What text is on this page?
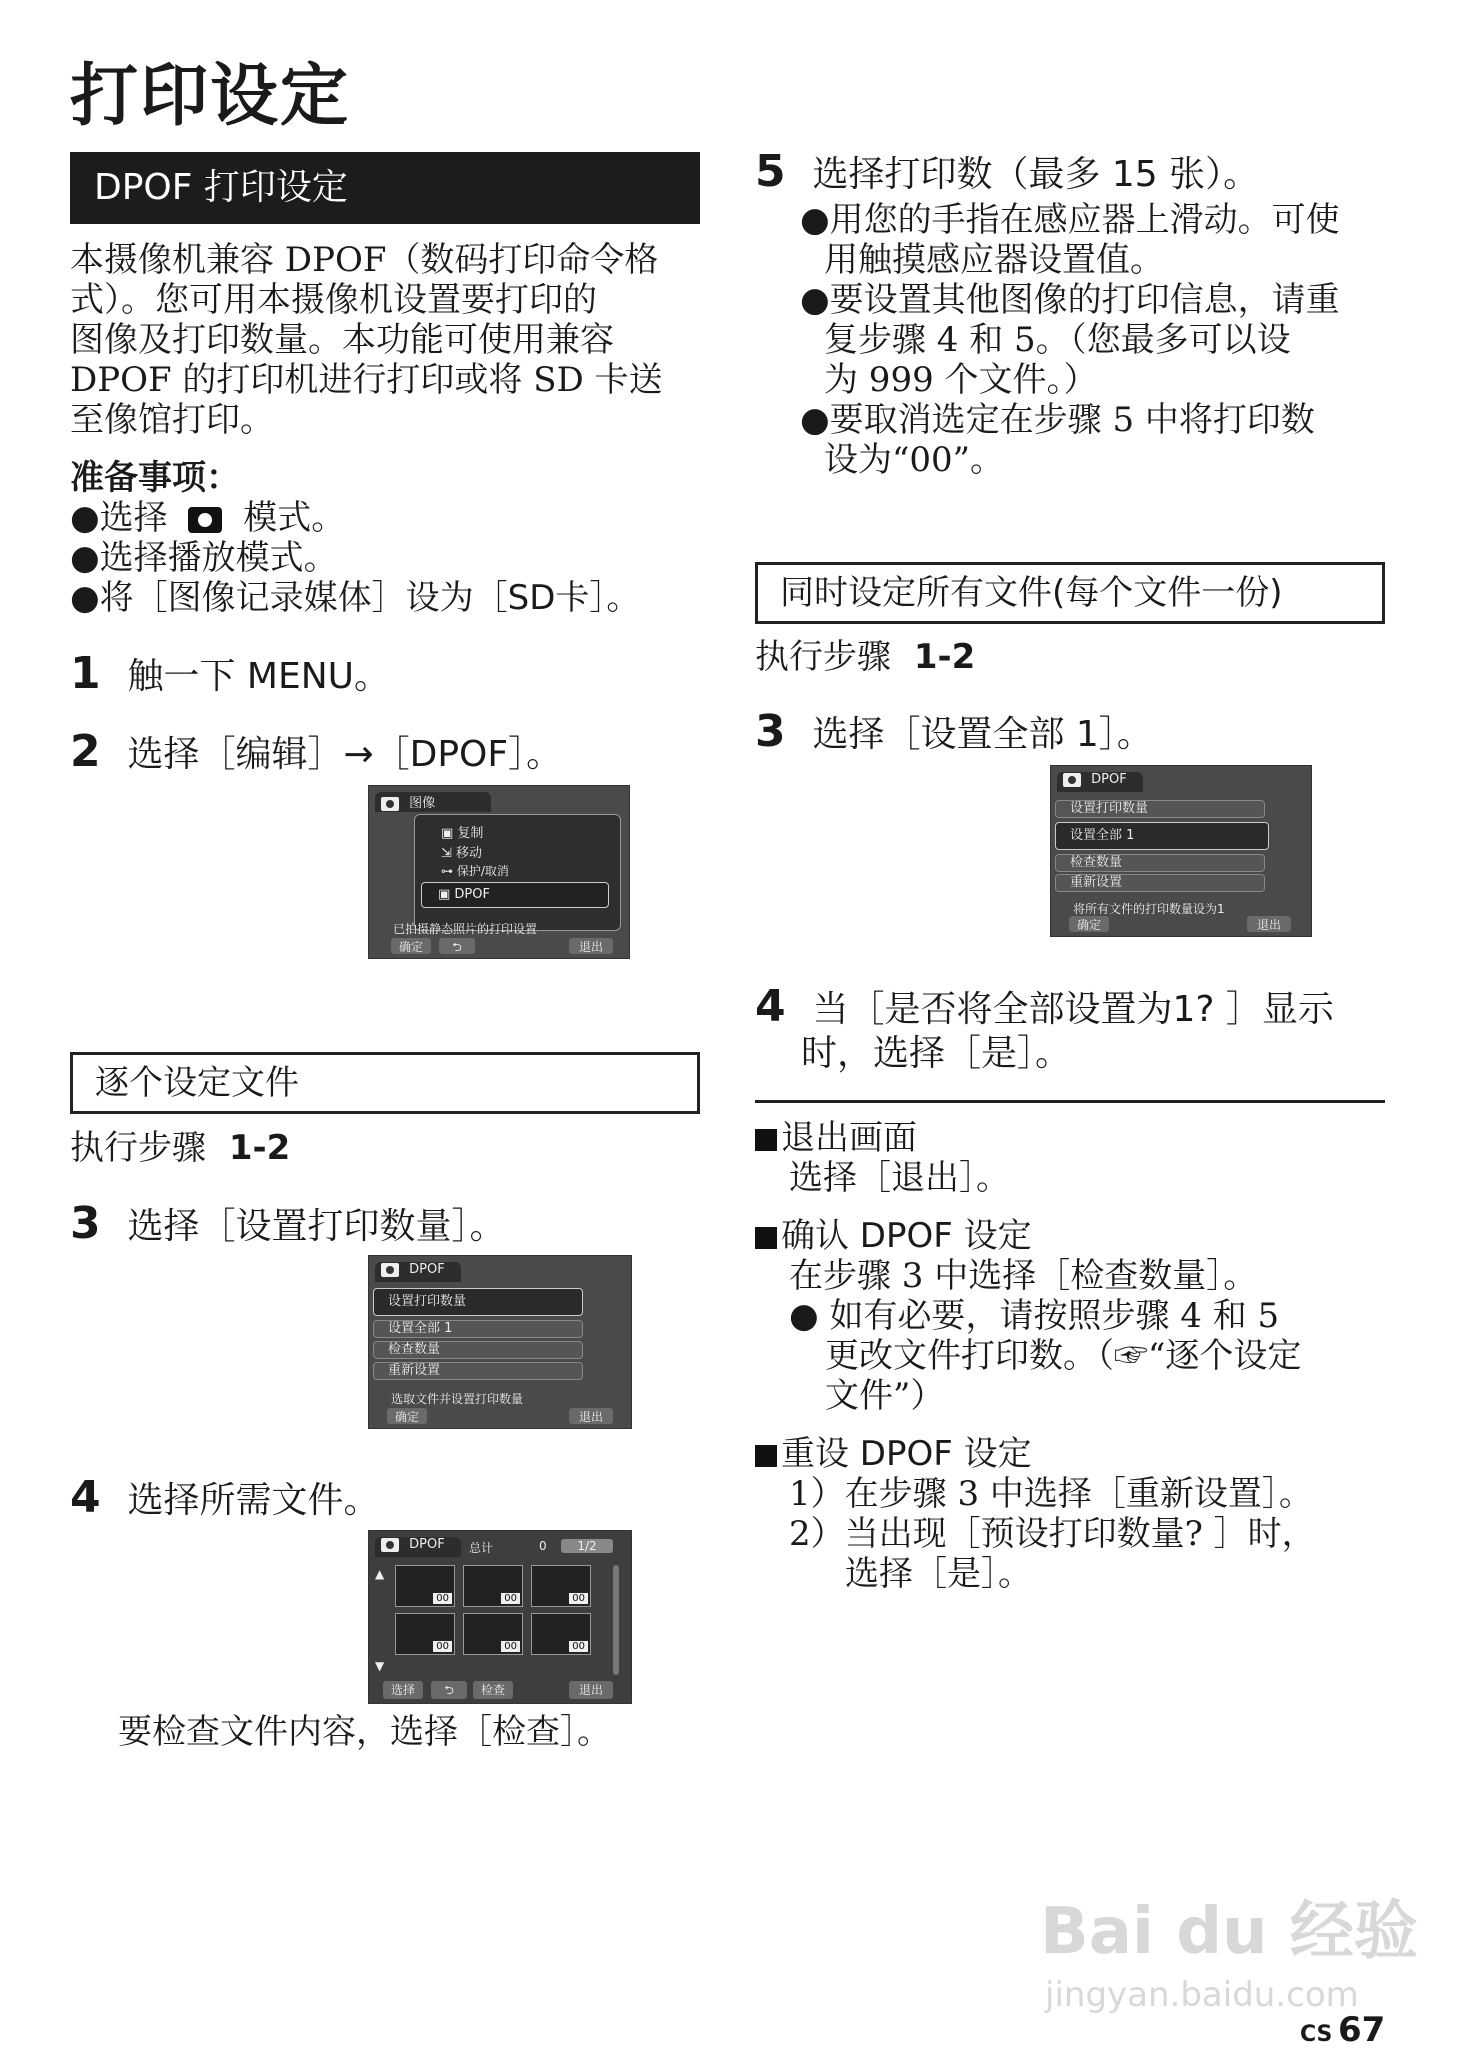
打印设定
DPOF 打印设定
本摄像机兼容 DPOF（数码打印命令格
式）。您可用本摄像机设置要打印的
图像及打印数量。本功能可使用兼容
DPOF 的打印机进行打印或将 SD 卡送
至像馆打印。
准备事项：
●选择 模式。
●选择播放模式。
●将［图像记录媒体］设为［SD卡］。
1 触一下 MENU。
2 选择［编辑］→［DPOF］。
图像
▣ 复制
⇲ 移动
⊶ 保护/取消
▣ DPOF
已拍摄静态照片的打印设置
确定	⮌	退出
逐个设定文件
执行步骤 1-2
3 选择［设置打印数量］。
DPOF
设置打印数量
设置全部 1
检查数量
重新设置
选取文件并设置打印数量
确定	退出
4 选择所需文件。
DPOF	总计	0	1/2
▲
▼
00	00	00
00	00	00
选择	⮌	检查	退出
要检查文件内容，选择［检查］。
5 选择打印数（最多 15 张）。
●用您的手指在感应器上滑动。可使
用触摸感应器设置值。
●要设置其他图像的打印信息，请重
复步骤 4 和 5。（您最多可以设
为 999 个文件。）
●要取消选定在步骤 5 中将打印数
设为“00”。
同时设定所有文件(每个文件一份)
执行步骤 1-2
3 选择［设置全部 1］。
DPOF
设置打印数量
设置全部 1
检查数量
重新设置
将所有文件的打印数量设为1
确定	退出
4 当［是否将全部设置为1? ］显示
时，选择［是］。
退出画面
选择［退出］。
确认 DPOF 设定
在步骤 3 中选择［检查数量］。
● 如有必要，请按照步骤 4 和 5
更改文件打印数。（☞“逐个设定
文件”）
重设 DPOF 设定
1）在步骤 3 中选择［重新设置］。
2）当出现［预设打印数量? ］时，
选择［是］。
Bai du 经验
jingyan.baidu.com
CS 67
